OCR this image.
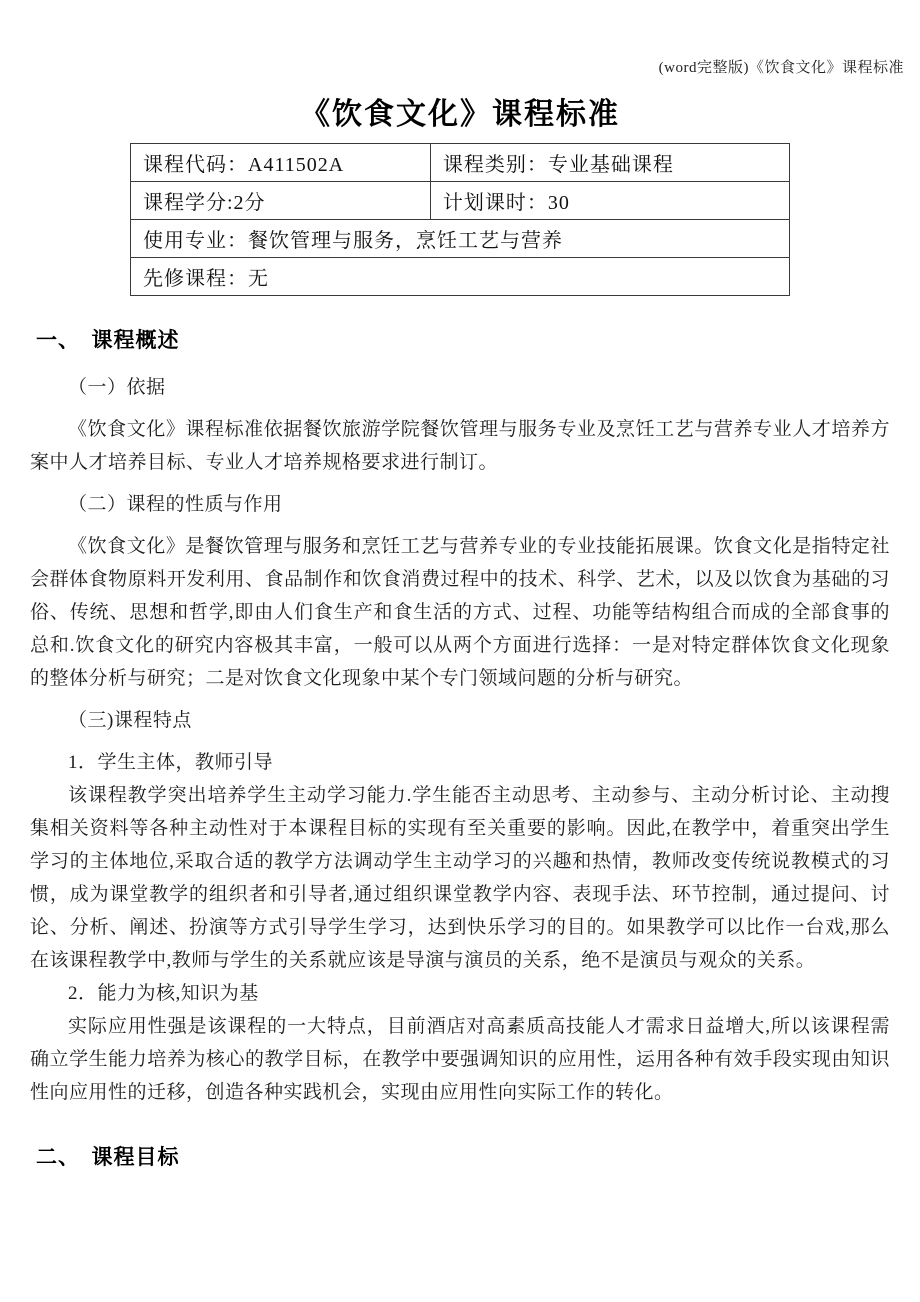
(word完整版)《饮食文化》课程标准
《饮食文化》课程标准
课程代码：A411502A	课程类别：专业基础课程
课程学分:2分	计划课时：30
使用专业：餐饮管理与服务，烹饪工艺与营养	
先修课程：无	
一、　课程概述

（一）依据

《饮食文化》课程标准依据餐饮旅游学院餐饮管理与服务专业及烹饪工艺与营养专业人才培养方案中人才培养目标、专业人才培养规格要求进行制订。

（二）课程的性质与作用

《饮食文化》是餐饮管理与服务和烹饪工艺与营养专业的专业技能拓展课。饮食文化是指特定社会群体食物原料开发利用、食品制作和饮食消费过程中的技术、科学、艺术，以及以饮食为基础的习俗、传统、思想和哲学,即由人们食生产和食生活的方式、过程、功能等结构组合而成的全部食事的总和.饮食文化的研究内容极其丰富，一般可以从两个方面进行选择：一是对特定群体饮食文化现象的整体分析与研究；二是对饮食文化现象中某个专门领域问题的分析与研究。

（三)课程特点

1．学生主体，教师引导

该课程教学突出培养学生主动学习能力.学生能否主动思考、主动参与、主动分析讨论、主动搜集相关资料等各种主动性对于本课程目标的实现有至关重要的影响。因此,在教学中，着重突出学生学习的主体地位,采取合适的教学方法调动学生主动学习的兴趣和热情，教师改变传统说教模式的习惯，成为课堂教学的组织者和引导者,通过组织课堂教学内容、表现手法、环节控制，通过提问、讨论、分析、阐述、扮演等方式引导学生学习，达到快乐学习的目的。如果教学可以比作一台戏,那么在该课程教学中,教师与学生的关系就应该是导演与演员的关系，绝不是演员与观众的关系。

2．能力为核,知识为基

实际应用性强是该课程的一大特点，目前酒店对高素质高技能人才需求日益增大,所以该课程需确立学生能力培养为核心的教学目标，在教学中要强调知识的应用性，运用各种有效手段实现由知识性向应用性的迁移，创造各种实践机会，实现由应用性向实际工作的转化。

二、　课程目标
